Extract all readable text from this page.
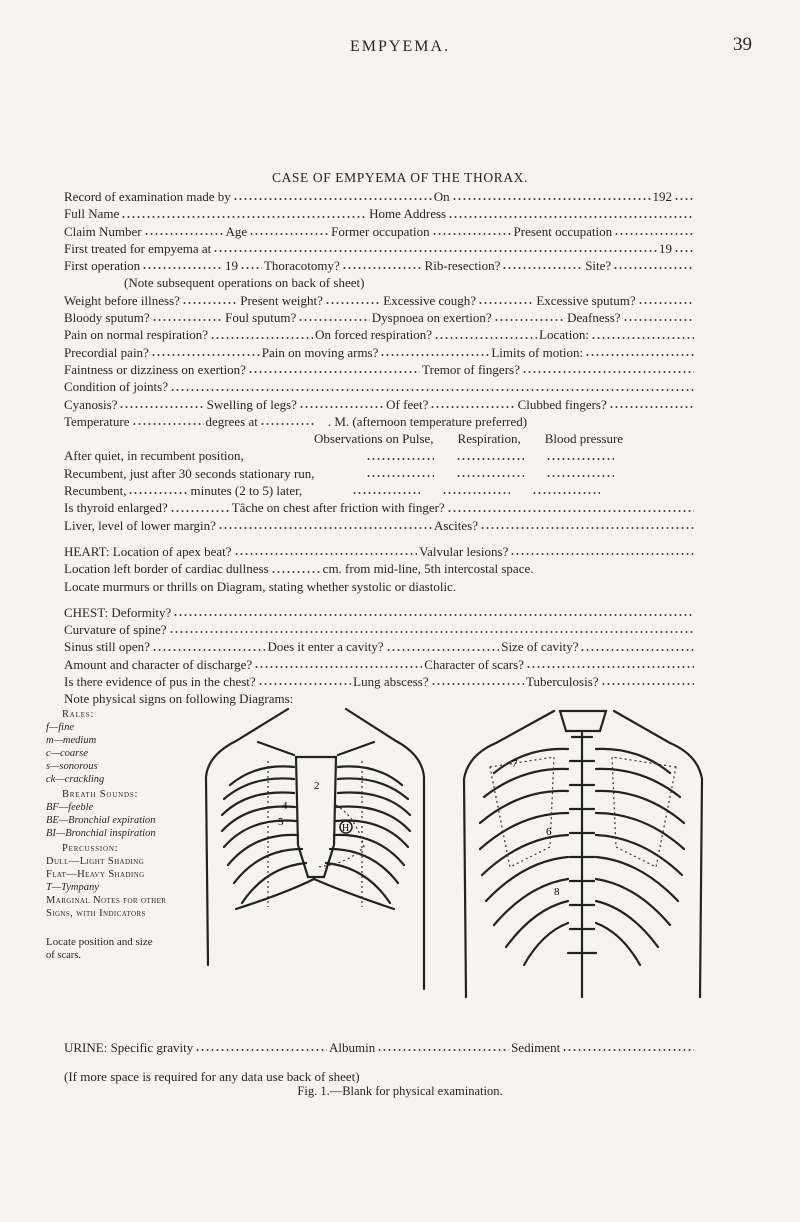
EMPYEMA.	39
CASE OF EMPYEMA OF THE THORAX.
Record of examination made by	On	192
Full Name	Home Address
Claim Number	Age	Former occupation	Present occupation
First treated for empyema at	19
First operation	19 Thoracotomy?	Rib-resection?	Site?
(Note subsequent operations on back of sheet)
Weight before illness?	Present weight?	Excessive cough?	Excessive sputum?
Bloody sputum?	Foul sputum?	Dyspnoea on exertion?	Deafness?
Pain on normal respiration?	On forced respiration?	Location:
Precordial pain?	Pain on moving arms?	Limits of motion:
Faintness or dizziness on exertion?	Tremor of fingers?
Condition of joints?
Cyanosis?	Swelling of legs?	Of feet?	Clubbed fingers?
Temperature	degrees at	. M. (afternoon temperature preferred)
Observations on Pulse, Respiration, Blood pressure
After quiet, in recumbent position,
Recumbent, just after 30 seconds stationary run,
Recumbent,	minutes (2 to 5) later,
Is thyroid enlarged?	Tâche on chest after friction with finger?
Liver, level of lower margin?	Ascites?
HEART: Location of apex beat?	Valvular lesions?
Location left border of cardiac dullness	cm. from mid-line, 5th intercostal space.
Locate murmurs or thrills on Diagram, stating whether systolic or diastolic.
CHEST: Deformity?
Curvature of spine?
Sinus still open?	Does it enter a cavity?	Size of cavity?
Amount and character of discharge?	Character of scars?
Is there evidence of pus in the chest?	Lung abscess?	Tuberculosis?
Note physical signs on following Diagrams:
Rales:
f—fine
m—medium
c—coarse
s—sonorous
ck—crackling
Breath Sounds:
BF—feeble
BE—Bronchial expiration
BI—Bronchial inspiration
Percussion:
Dull—Light Shading
Flat—Heavy Shading
T—Tympany
Marginal Notes for other
Signs, with Indicators
Locate position and size
of scars.
H
2
4
5
7
6
8
URINE: Specific gravity	Albumin	Sediment
(If more space is required for any data use back of sheet)
Fig. 1.—Blank for physical examination.
